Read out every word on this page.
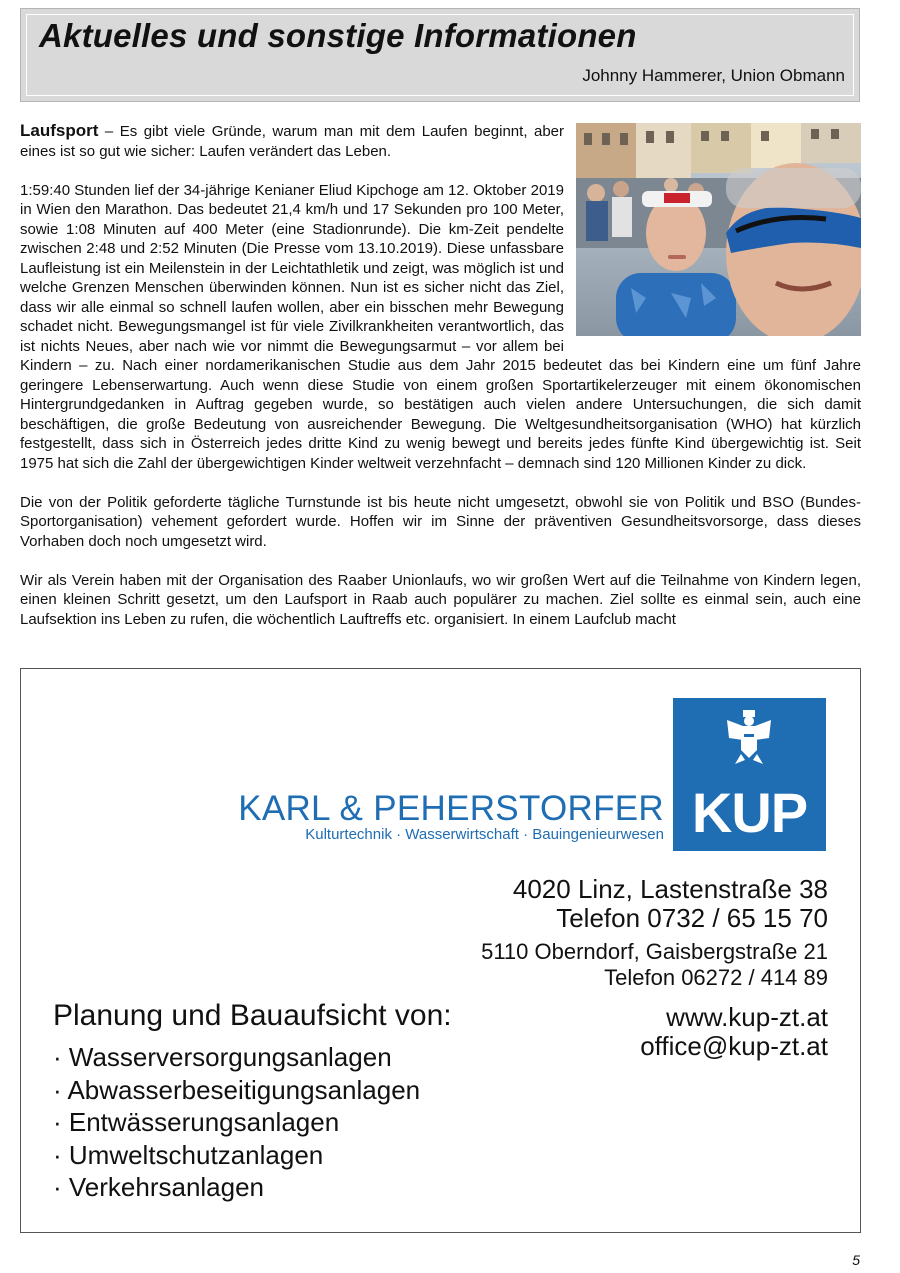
Aktuelles und sonstige Informationen
Johnny Hammerer, Union Obmann

Laufsport – Es gibt viele Gründe, warum man mit dem Laufen beginnt, aber eines ist so gut wie sicher: Laufen verändert das Leben.

1:59:40 Stunden lief der 34-jährige Kenianer Eliud Kipchoge am 12. Oktober 2019 in Wien den Marathon. Das bedeutet 21,4 km/h und 17 Sekunden pro 100 Meter, sowie 1:08 Minuten auf 400 Meter (eine Stadionrunde). Die km-Zeit pendelte zwischen 2:48 und 2:52 Minuten (Die Presse vom 13.10.2019). Diese unfassbare Laufleistung ist ein Meilenstein in der Leichtathletik und zeigt, was möglich ist und welche Grenzen Menschen überwinden können. Nun ist es sicher nicht das Ziel, dass wir alle einmal so schnell laufen wollen, aber ein bisschen mehr Bewegung schadet nicht. Bewegungsmangel ist für viele Zivilkrankheiten verantwortlich, das ist nichts Neues, aber nach wie vor nimmt die Bewegungsarmut – vor allem bei Kindern – zu. Nach einer nordamerikanischen Studie aus dem Jahr 2015 bedeutet das bei Kindern eine um fünf Jahre geringere Lebenserwartung. Auch wenn diese Studie von einem großen Sportartikelerzeuger mit einem ökonomischen Hintergrundgedanken in Auftrag gegeben wurde, so bestätigen auch vielen andere Untersuchungen, die sich damit beschäftigen, die große Bedeutung von ausreichender Bewegung. Die Weltgesundheitsorganisation (WHO) hat kürzlich festgestellt, dass sich in Österreich jedes dritte Kind zu wenig bewegt und bereits jedes fünfte Kind übergewichtig ist. Seit 1975 hat sich die Zahl der übergewichtigen Kinder weltweit verzehnfacht – demnach sind 120 Millionen Kinder zu dick.

Die von der Politik geforderte tägliche Turnstunde ist bis heute nicht umgesetzt, obwohl sie von Politik und BSO (Bundes-Sportorganisation) vehement gefordert wurde. Hoffen wir im Sinne der präventiven Gesundheitsvorsorge, dass dieses Vorhaben doch noch umgesetzt wird.

Wir als Verein haben mit der Organisation des Raaber Unionlaufs, wo wir großen Wert auf die Teilnahme von Kindern legen, einen kleinen Schritt gesetzt, um den Laufsport in Raab auch populärer zu machen. Ziel sollte es einmal sein, auch eine Laufsektion ins Leben zu rufen, die wöchentlich Lauftreffs etc. organisiert. In einem Laufclub macht

KUP
KARL & PEHERSTORFER
Kulturtechnik · Wasserwirtschaft · Bauingenieurwesen
4020 Linz, Lastenstraße 38
Telefon 0732 / 65 15 70
5110 Oberndorf, Gaisbergstraße 21
Telefon 06272 / 414 89
www.kup-zt.at
office@kup-zt.at
Planung und Bauaufsicht von:
· Wasserversorgungsanlagen
· Abwasserbeseitigungsanlagen
· Entwässerungsanlagen
· Umweltschutzanlagen
· Verkehrsanlagen
5
